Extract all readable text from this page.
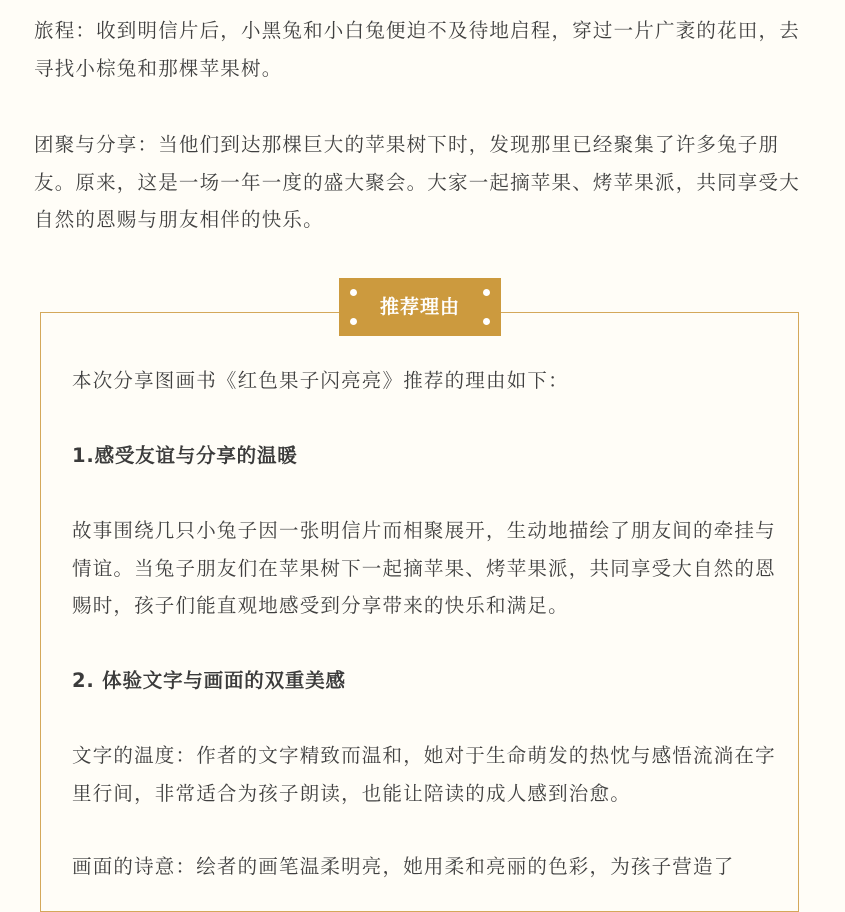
旅程：收到明信片后，小黑兔和小白兔便迫不及待地启程，穿过一片广袤的花田，去寻找小棕兔和那棵苹果树。

团聚与分享：当他们到达那棵巨大的苹果树下时，发现那里已经聚集了许多兔子朋友。原来，这是一场一年一度的盛大聚会。大家一起摘苹果、烤苹果派，共同享受大自然的恩赐与朋友相伴的快乐。

推荐理由

本次分享图画书《红色果子闪亮亮》推荐的理由如下：

1.感受友谊与分享的温暖

故事围绕几只小兔子因一张明信片而相聚展开，生动地描绘了朋友间的牵挂与情谊。当兔子朋友们在苹果树下一起摘苹果、烤苹果派，共同享受大自然的恩赐时，孩子们能直观地感受到分享带来的快乐和满足。

2. 体验文字与画面的双重美感

文字的温度：作者的文字精致而温和，她对于生命萌发的热忱与感悟流淌在字里行间，非常适合为孩子朗读，也能让陪读的成人感到治愈。

画面的诗意：绘者的画笔温柔明亮，她用柔和亮丽的色彩，为孩子营造了
